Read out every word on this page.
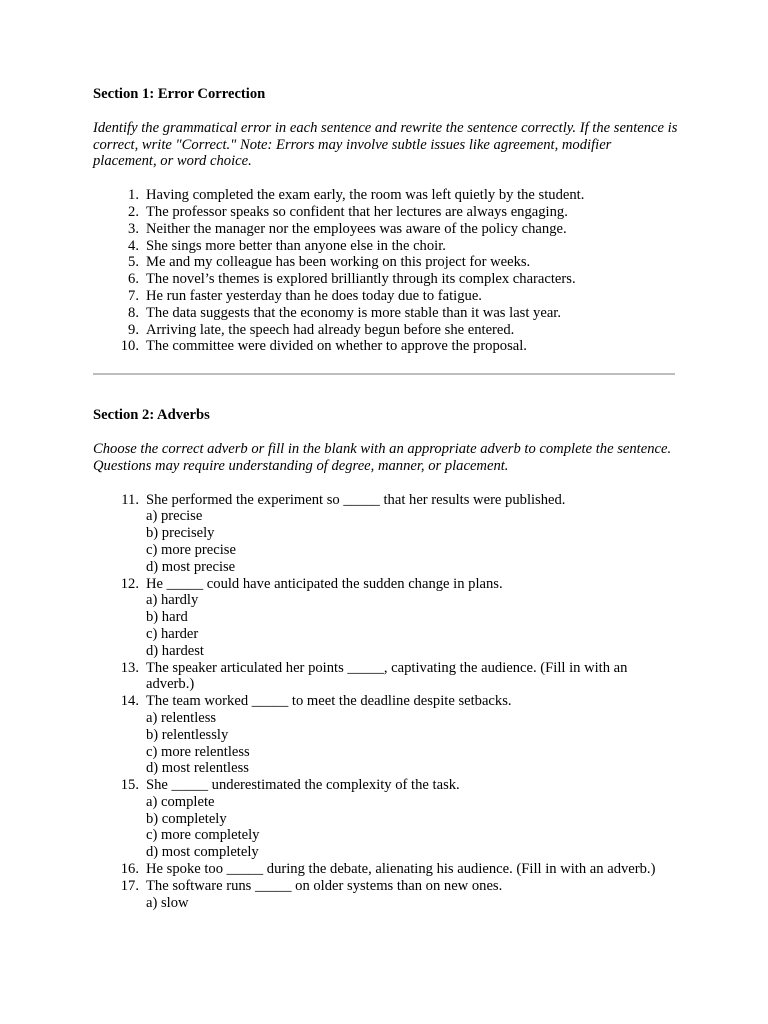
Section 1: Error Correction

Identify the grammatical error in each sentence and rewrite the sentence correctly. If the sentence is correct, write "Correct." Note: Errors may involve subtle issues like agreement, modifier placement, or word choice.

1. Having completed the exam early, the room was left quietly by the student.
2. The professor speaks so confident that her lectures are always engaging.
3. Neither the manager nor the employees was aware of the policy change.
4. She sings more better than anyone else in the choir.
5. Me and my colleague has been working on this project for weeks.
6. The novel’s themes is explored brilliantly through its complex characters.
7. He run faster yesterday than he does today due to fatigue.
8. The data suggests that the economy is more stable than it was last year.
9. Arriving late, the speech had already begun before she entered.
10. The committee were divided on whether to approve the proposal.

Section 2: Adverbs

Choose the correct adverb or fill in the blank with an appropriate adverb to complete the sentence. Questions may require understanding of degree, manner, or placement.

11. She performed the experiment so _____ that her results were published.
a) precise
b) precisely
c) more precise
d) most precise
12. He _____ could have anticipated the sudden change in plans.
a) hardly
b) hard
c) harder
d) hardest
13. The speaker articulated her points _____, captivating the audience. (Fill in with an adverb.)
14. The team worked _____ to meet the deadline despite setbacks.
a) relentless
b) relentlessly
c) more relentless
d) most relentless
15. She _____ underestimated the complexity of the task.
a) complete
b) completely
c) more completely
d) most completely
16. He spoke too _____ during the debate, alienating his audience. (Fill in with an adverb.)
17. The software runs _____ on older systems than on new ones.
a) slow
